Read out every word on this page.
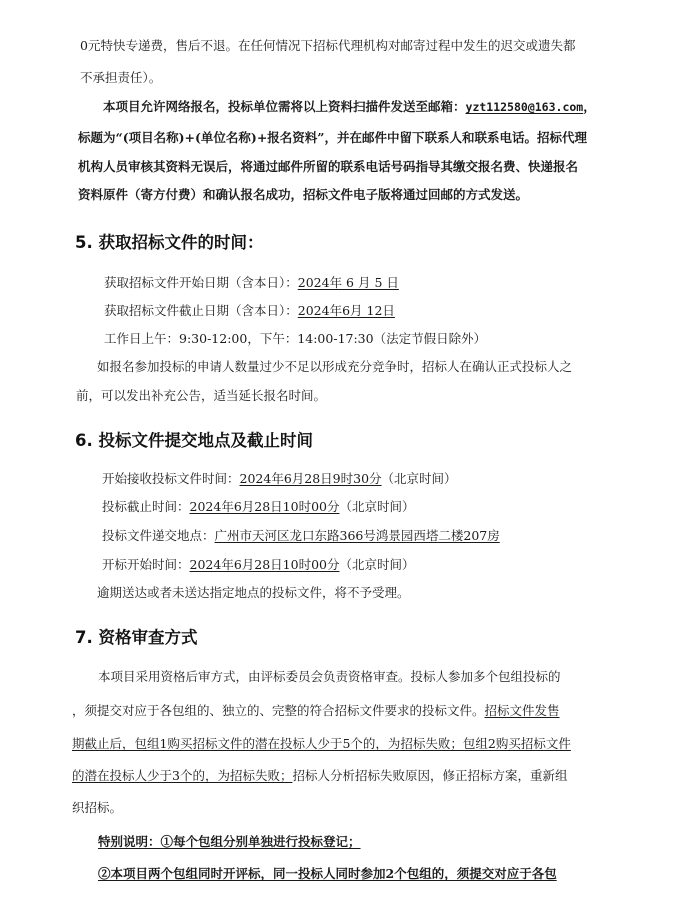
0元特快专递费，售后不退。在任何情况下招标代理机构对邮寄过程中发生的迟交或遗失都
不承担责任）。
本项目允许网络报名，投标单位需将以上资料扫描件发送至邮箱：yzt112580@163.com，
标题为“(项目名称)+(单位名称)+报名资料”，并在邮件中留下联系人和联系电话。招标代理
机构人员审核其资料无误后，将通过邮件所留的联系电话号码指导其缴交报名费、快递报名
资料原件（寄方付费）和确认报名成功，招标文件电子版将通过回邮的方式发送。
5. 获取招标文件的时间：
获取招标文件开始日期（含本日）：2024年 6 月 5 日
获取招标文件截止日期（含本日）：2024年6月 12日
工作日上午：9:30-12:00，下午：14:00-17:30（法定节假日除外）
如报名参加投标的申请人数量过少不足以形成充分竞争时，招标人在确认正式投标人之
前，可以发出补充公告，适当延长报名时间。
6. 投标文件提交地点及截止时间
开始接收投标文件时间：2024年6月28日9时30分（北京时间）
投标截止时间：2024年6月28日10时00分（北京时间）
投标文件递交地点：广州市天河区龙口东路366号鸿景园西塔二楼207房
开标开始时间：2024年6月28日10时00分（北京时间）
逾期送达或者未送达指定地点的投标文件，将不予受理。
7. 资格审查方式
本项目采用资格后审方式，由评标委员会负责资格审查。投标人参加多个包组投标的
，须提交对应于各包组的、独立的、完整的符合招标文件要求的投标文件。招标文件发售
期截止后，包组1购买招标文件的潜在投标人少于5个的，为招标失败；包组2购买招标文件
的潜在投标人少于3个的，为招标失败；招标人分析招标失败原因，修正招标方案，重新组
织招标。
特别说明：①每个包组分别单独进行投标登记；
②本项目两个包组同时开评标，同一投标人同时参加2个包组的，须提交对应于各包
